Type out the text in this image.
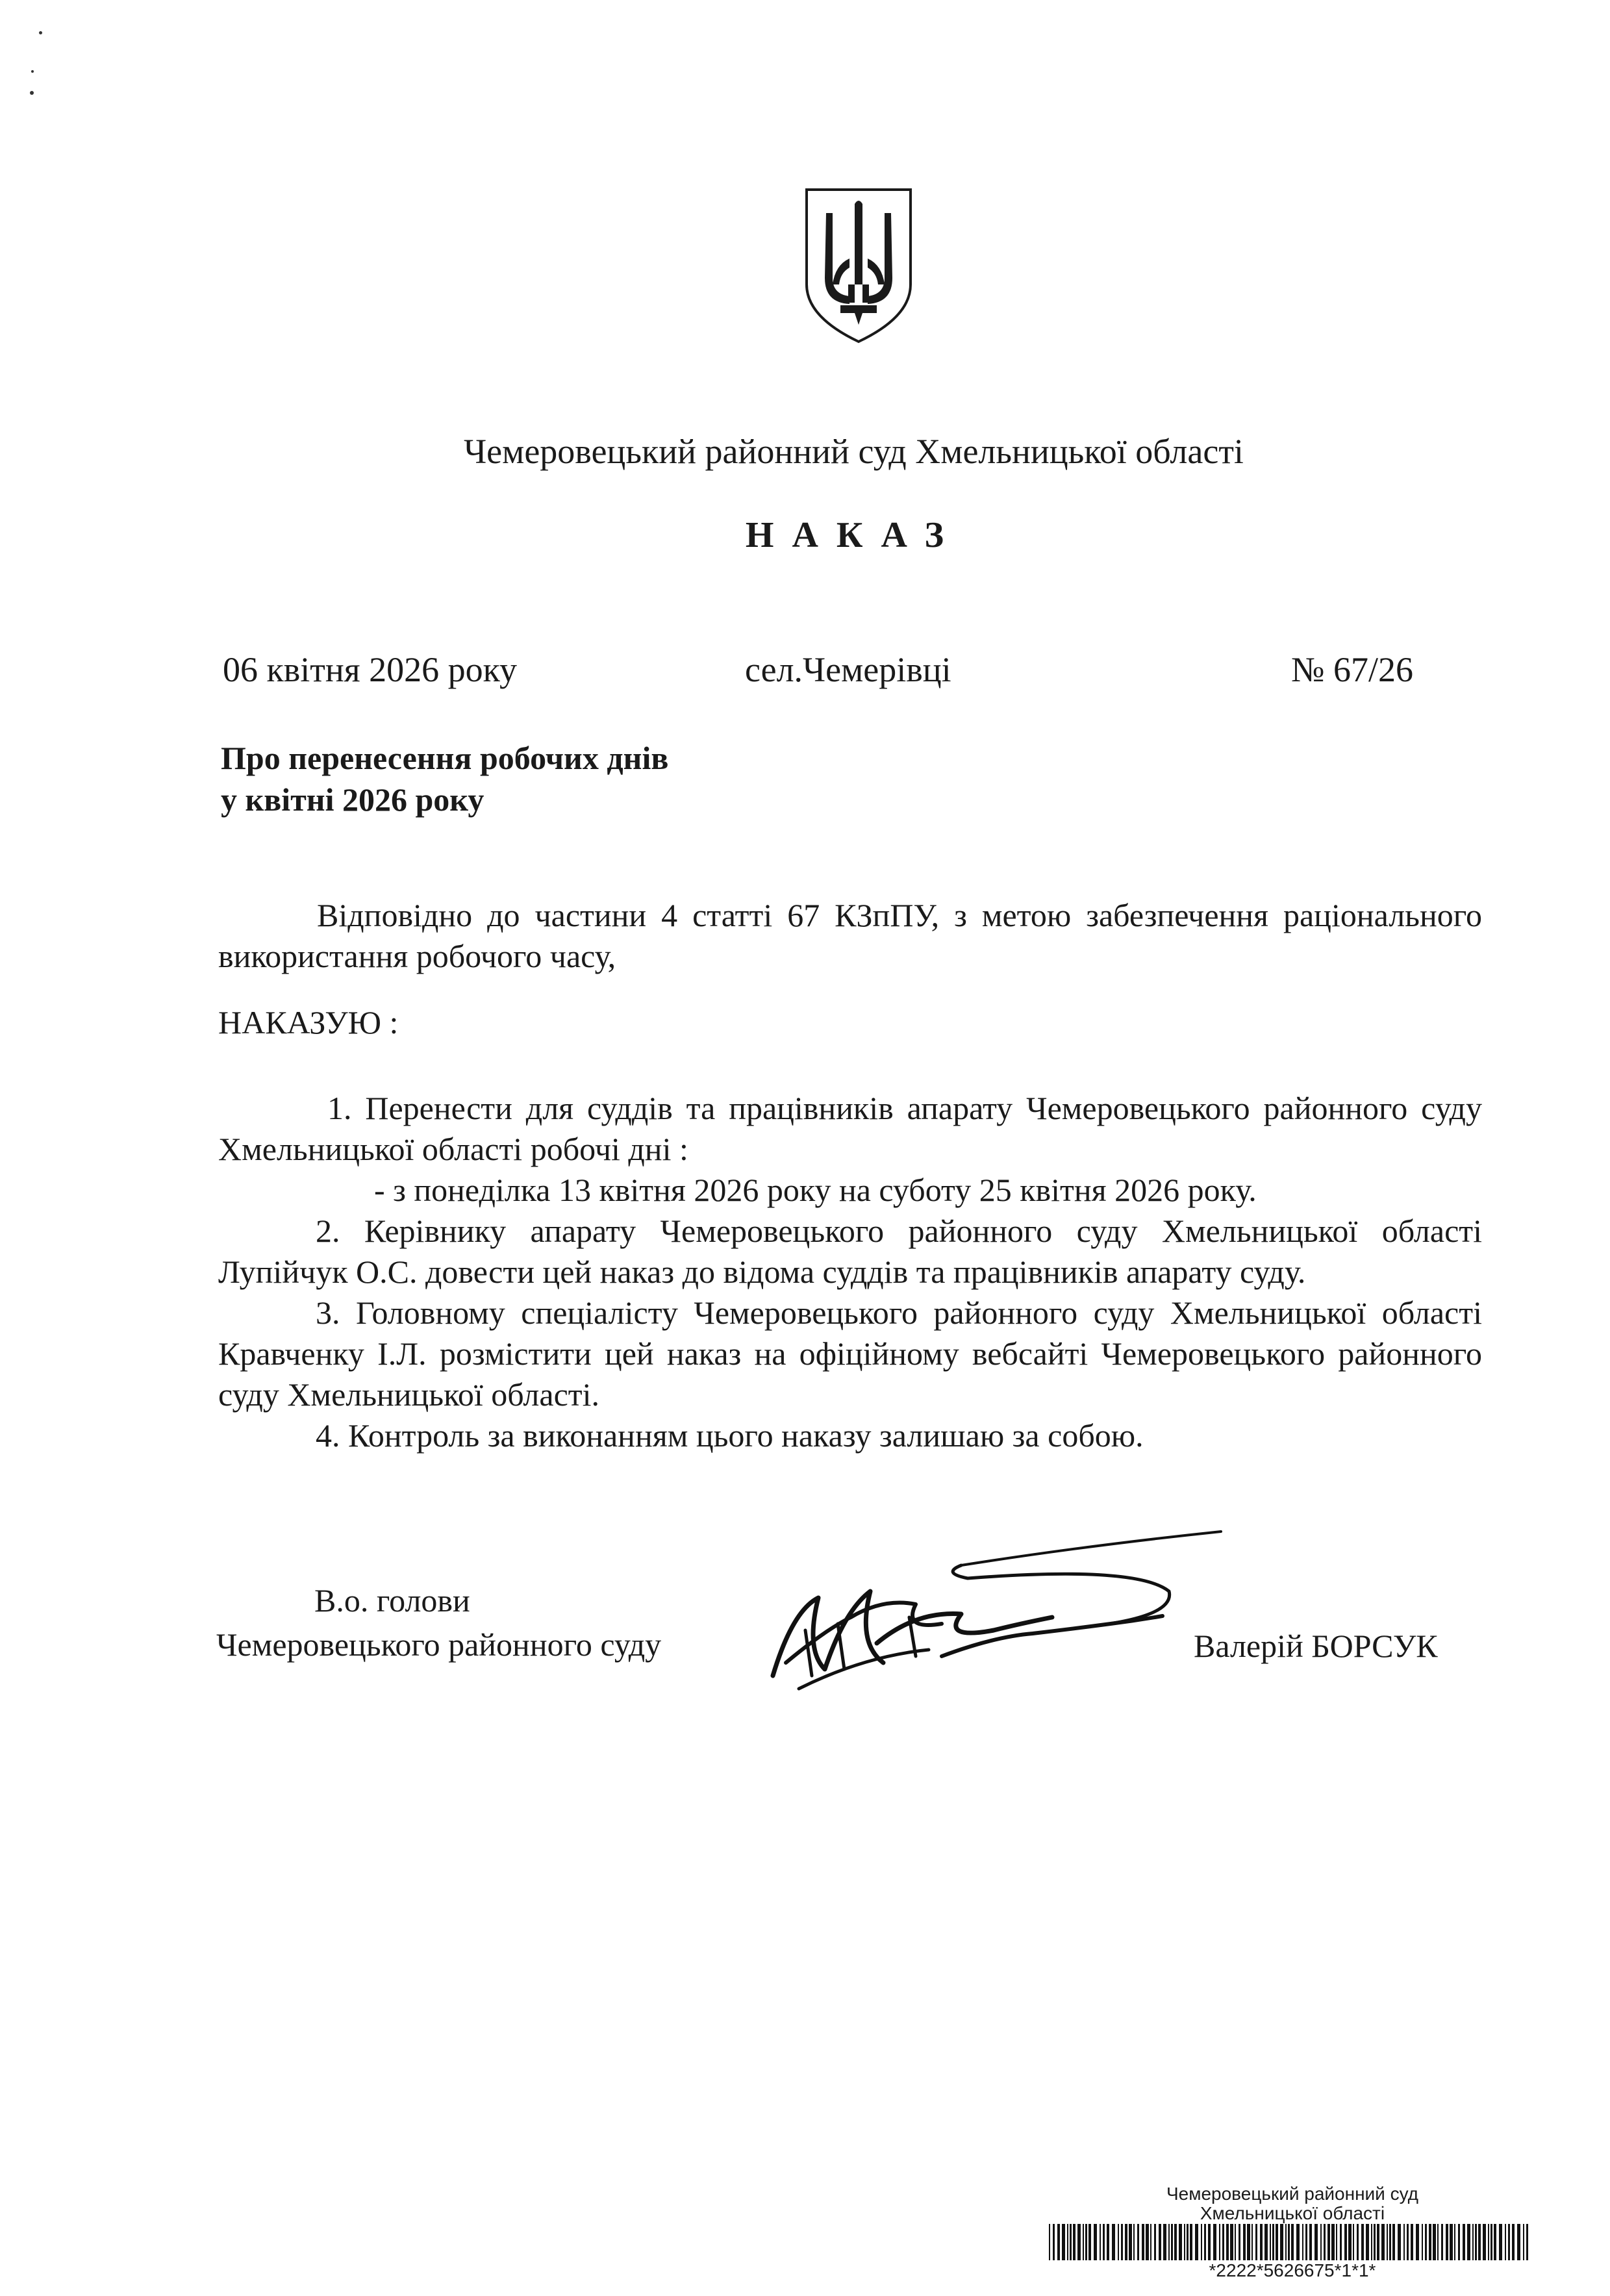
Чемеровецький районний суд Хмельницької області
НАКАЗ
06 квітня 2026 року	сел.Чемерівці	№ 67/26
Про перенесення робочих днів
у квітні 2026 року
Відповідно до частини 4 статті 67 КЗпПУ, з метою забезпечення раціонального використання робочого часу,
НАКАЗУЮ :
1. Перенести для суддів та працівників апарату Чемеровецького районного суду Хмельницької області робочі дні :
- з понеділка 13 квітня 2026 року на суботу 25 квітня 2026 року.
2. Керівнику апарату Чемеровецького районного суду Хмельницької області Лупійчук О.С. довести цей наказ до відома суддів та працівників апарату суду.
3. Головному спеціалісту Чемеровецького районного суду Хмельницької області Кравченку І.Л. розмістити цей наказ на офіційному вебсайті Чемеровецького районного суду Хмельницької області.
4. Контроль за виконанням цього наказу залишаю за собою.
В.о. голови
Чемеровецького районного суду	Валерій БОРСУК
Чемеровецький районний суд
Хмельницької області
*2222*5626675*1*1*
